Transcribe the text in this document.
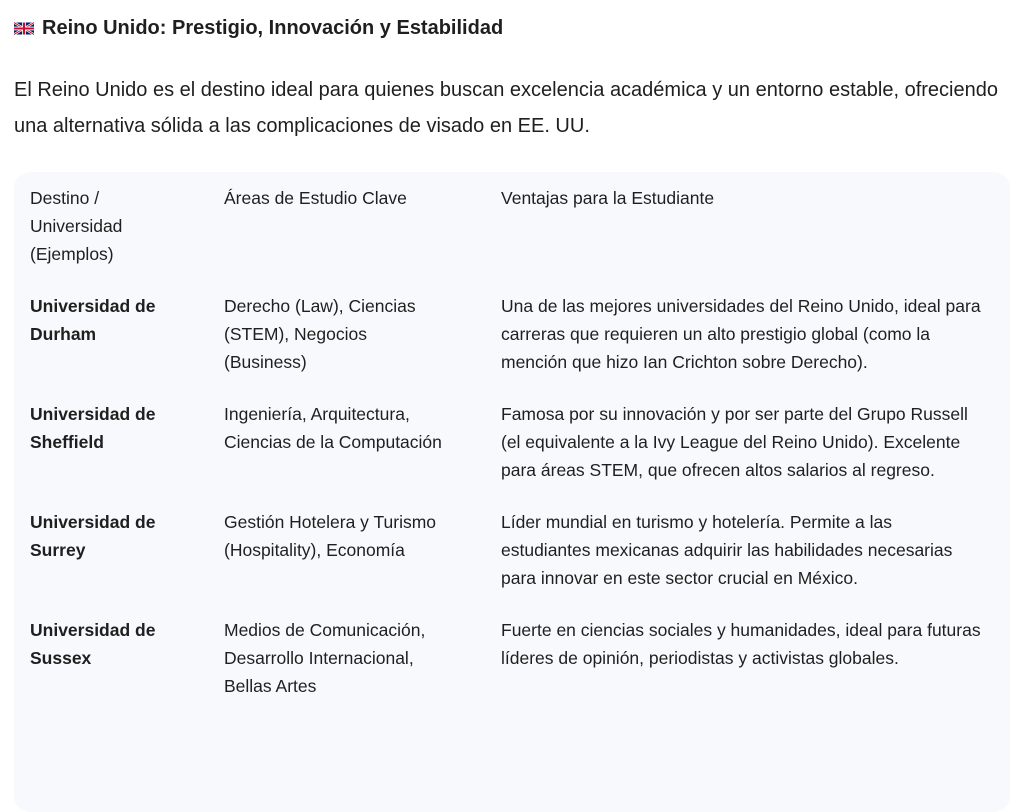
Reino Unido: Prestigio, Innovación y Estabilidad

El Reino Unido es el destino ideal para quienes buscan excelencia académica y un entorno estable, ofreciendo una alternativa sólida a las complicaciones de visado en EE. UU.

Destino / Universidad (Ejemplos)	Áreas de Estudio Clave	Ventajas para la Estudiante

Universidad de Durham	Derecho (Law), Ciencias (STEM), Negocios (Business)	Una de las mejores universidades del Reino Unido, ideal para carreras que requieren un alto prestigio global (como la mención que hizo Ian Crichton sobre Derecho).

Universidad de Sheffield	Ingeniería, Arquitectura, Ciencias de la Computación	Famosa por su innovación y por ser parte del Grupo Russell (el equivalente a la Ivy League del Reino Unido). Excelente para áreas STEM, que ofrecen altos salarios al regreso.

Universidad de Surrey	Gestión Hotelera y Turismo (Hospitality), Economía	Líder mundial en turismo y hotelería. Permite a las estudiantes mexicanas adquirir las habilidades necesarias para innovar en este sector crucial en México.

Universidad de Sussex	Medios de Comunicación, Desarrollo Internacional, Bellas Artes	Fuerte en ciencias sociales y humanidades, ideal para futuras líderes de opinión, periodistas y activistas globales.
